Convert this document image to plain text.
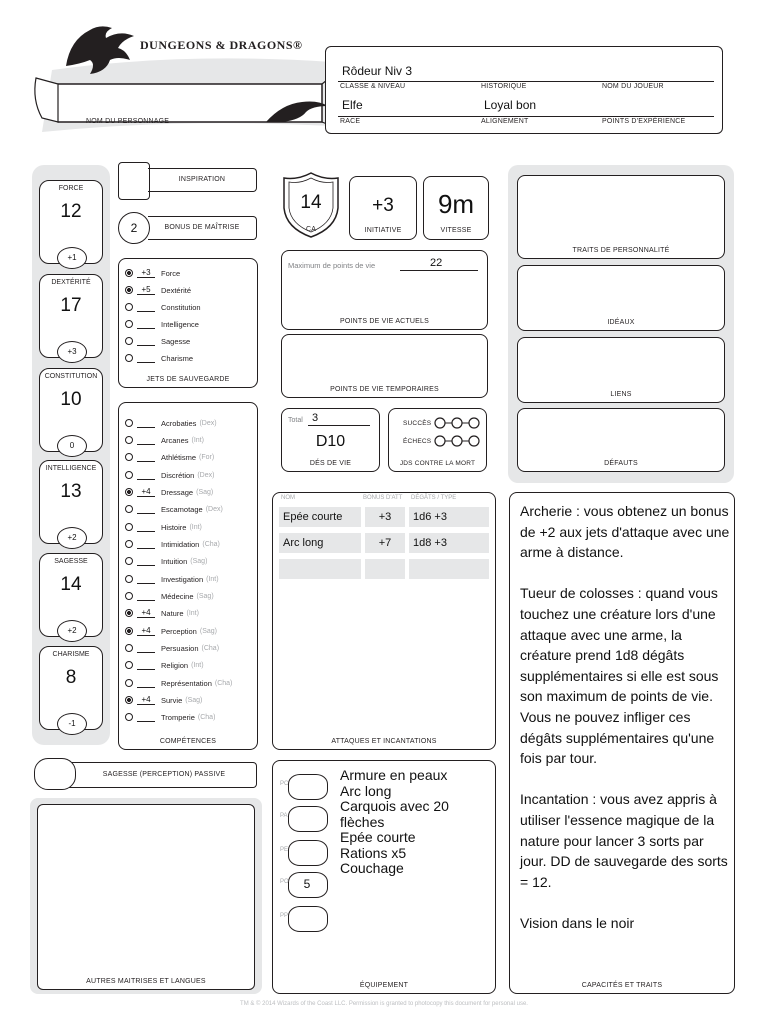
DUNGEONS & DRAGONS®
NOM DU PERSONNAGE
Rôdeur Niv 3
CLASSE & NIVEAU	HISTORIQUE	NOM DU JOUEUR
Elfe	Loyal bon
RACE	ALIGNEMENT	POINTS D'EXPÉRIENCE
FORCE
12
+1
DEXTÉRITÉ
17
+3
CONSTITUTION
10
0
INTELLIGENCE
13
+2
SAGESSE
14
+2
CHARISME
8
-1
INSPIRATION
2	BONUS DE MAÎTRISE
+3	Force
+5	Dextérité
Constitution
Intelligence
Sagesse
Charisme
JETS DE SAUVEGARDE
Acrobaties (Dex)
Arcanes (Int)
Athlétisme (For)
Discrétion (Dex)
+4	Dressage (Sag)
Escamotage (Dex)
Histoire (Int)
Intimidation (Cha)
Intuition (Sag)
Investigation (Int)
Médecine (Sag)
+4	Nature (Int)
+4	Perception (Sag)
Persuasion (Cha)
Religion (Int)
Représentation (Cha)
+4	Survie (Sag)
Tromperie (Cha)
COMPÉTENCES
SAGESSE (PERCEPTION) PASSIVE
AUTRES MAITRISES ET LANGUES
14
CA
+3
INITIATIVE
9m
VITESSE
Maximum de points de vie	22
POINTS DE VIE ACTUELS
POINTS DE VIE TEMPORAIRES
Total 3
D10
DÉS DE VIE
SUCCÈS
ÉCHECS
JDS CONTRE LA MORT
NOM	BONUS D'ATT DÉGÂTS / TYPE
Epée courte	+3	1d6 +3
Arc long	+7	1d8 +3
ATTAQUES ET INCANTATIONS
ÉQUIPEMENT
PC
PA
PE
PO	5
PP
Armure en peaux
Arc long
Carquois avec 20
flèches
Epée courte
Rations x5
Couchage
TRAITS DE PERSONNALITÉ
IDÉAUX
LIENS
DÉFAUTS
Archerie : vous obtenez un bonus de +2 aux jets d'attaque avec une arme à distance.

Tueur de colosses : quand vous touchez une créature lors d'une attaque avec une arme, la créature prend 1d8 dégâts supplémentaires si elle est sous son maximum de points de vie. Vous ne pouvez infliger ces dégâts supplémentaires qu'une fois par tour.

Incantation : vous avez appris à utiliser l'essence magique de la nature pour lancer 3 sorts par jour. DD de sauvegarde des sorts = 12.

Vision dans le noir
CAPACITÉS ET TRAITS
TM & © 2014 Wizards of the Coast LLC. Permission is granted to photocopy this document for personal use.
